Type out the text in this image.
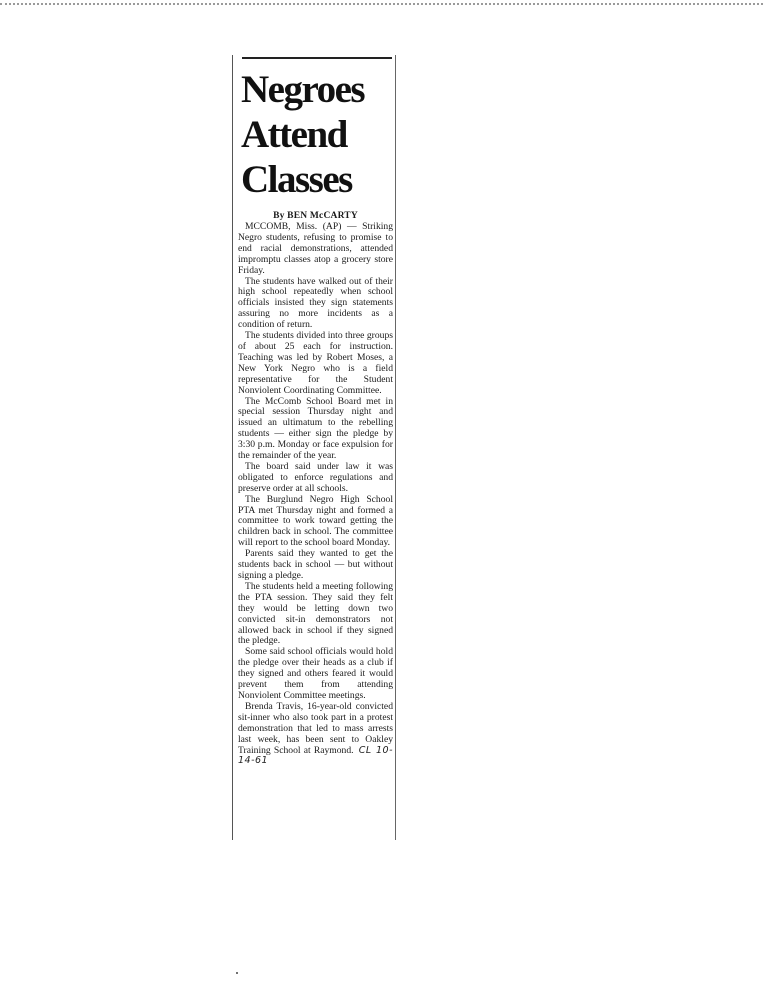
Negroes
Attend
Classes
By BEN McCARTY

MCCOMB, Miss. (AP) — Striking Negro students, refusing to promise to end racial demonstrations, attended impromptu classes atop a grocery store Friday.

The students have walked out of their high school repeatedly when school officials insisted they sign statements assuring no more incidents as a condition of return.

The students divided into three groups of about 25 each for instruction. Teaching was led by Robert Moses, a New York Negro who is a field representative for the Student Nonviolent Coordinating Committee.

The McComb School Board met in special session Thursday night and issued an ultimatum to the rebelling students — either sign the pledge by 3:30 p.m. Monday or face expulsion for the remainder of the year.

The board said under law it was obligated to enforce regulations and preserve order at all schools.

The Burglund Negro High School PTA met Thursday night and formed a committee to work toward getting the children back in school. The committee will report to the school board Monday.

Parents said they wanted to get the students back in school — but without signing a pledge.

The students held a meeting following the PTA session. They said they felt they would be letting down two convicted sit-in demonstrators not allowed back in school if they signed the pledge.

Some said school officials would hold the pledge over their heads as a club if they signed and others feared it would prevent them from attending Nonviolent Committee meetings.

Brenda Travis, 16-year-old convicted sit-inner who also took part in a protest demonstration that led to mass arrests last week, has been sent to Oakley Training School at Raymond. CL 10-14-61
